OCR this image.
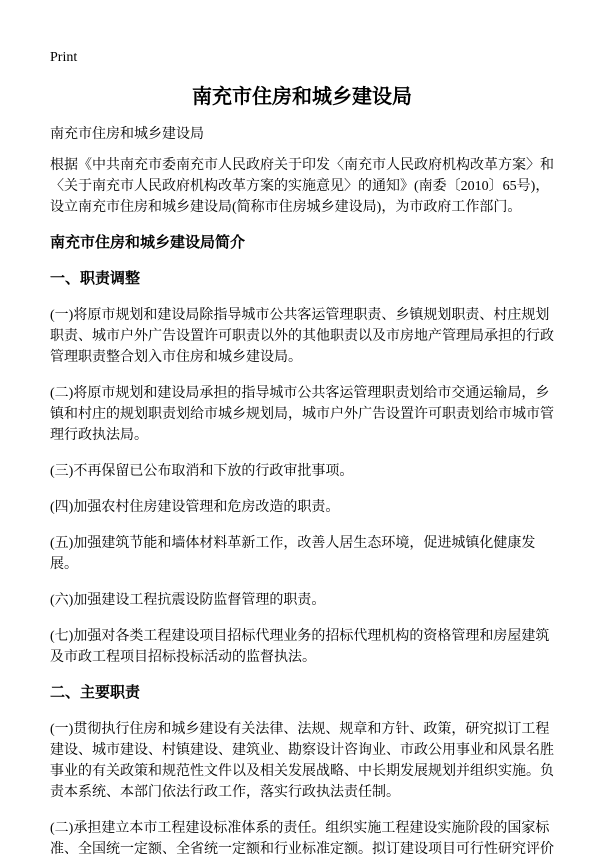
Print
南充市住房和城乡建设局

南充市住房和城乡建设局

根据《中共南充市委南充市人民政府关于印发〈南充市人民政府机构改革方案〉和〈关于南充市人民政府机构改革方案的实施意见〉的通知》(南委〔2010〕65号)，设立南充市住房和城乡建设局(简称市住房城乡建设局)，为市政府工作部门。

南充市住房和城乡建设局简介
一、职责调整

(一)将原市规划和建设局除指导城市公共客运管理职责、乡镇规划职责、村庄规划职责、城市户外广告设置许可职责以外的其他职责以及市房地产管理局承担的行政管理职责整合划入市住房和城乡建设局。

(二)将原市规划和建设局承担的指导城市公共客运管理职责划给市交通运输局，乡镇和村庄的规划职责划给市城乡规划局，城市户外广告设置许可职责划给市城市管理行政执法局。

(三)不再保留已公布取消和下放的行政审批事项。

(四)加强农村住房建设管理和危房改造的职责。

(五)加强建筑节能和墙体材料革新工作，改善人居生态环境，促进城镇化健康发展。

(六)加强建设工程抗震设防监督管理的职责。

(七)加强对各类工程建设项目招标代理业务的招标代理机构的资格管理和房屋建筑及市政工程项目招标投标活动的监督执法。

二、主要职责

(一)贯彻执行住房和城乡建设有关法律、法规、规章和方针、政策，研究拟订工程建设、城市建设、村镇建设、建筑业、勘察设计咨询业、市政公用事业和风景名胜事业的有关政策和规范性文件以及相关发展战略、中长期发展规划并组织实施。负责本系统、本部门依法行政工作，落实行政执法责任制。

(二)承担建立本市工程建设标准体系的责任。组织实施工程建设实施阶段的国家标准、全国统一定额、全省统一定额和行业标准定额。拟订建设项目可行性研究评价
